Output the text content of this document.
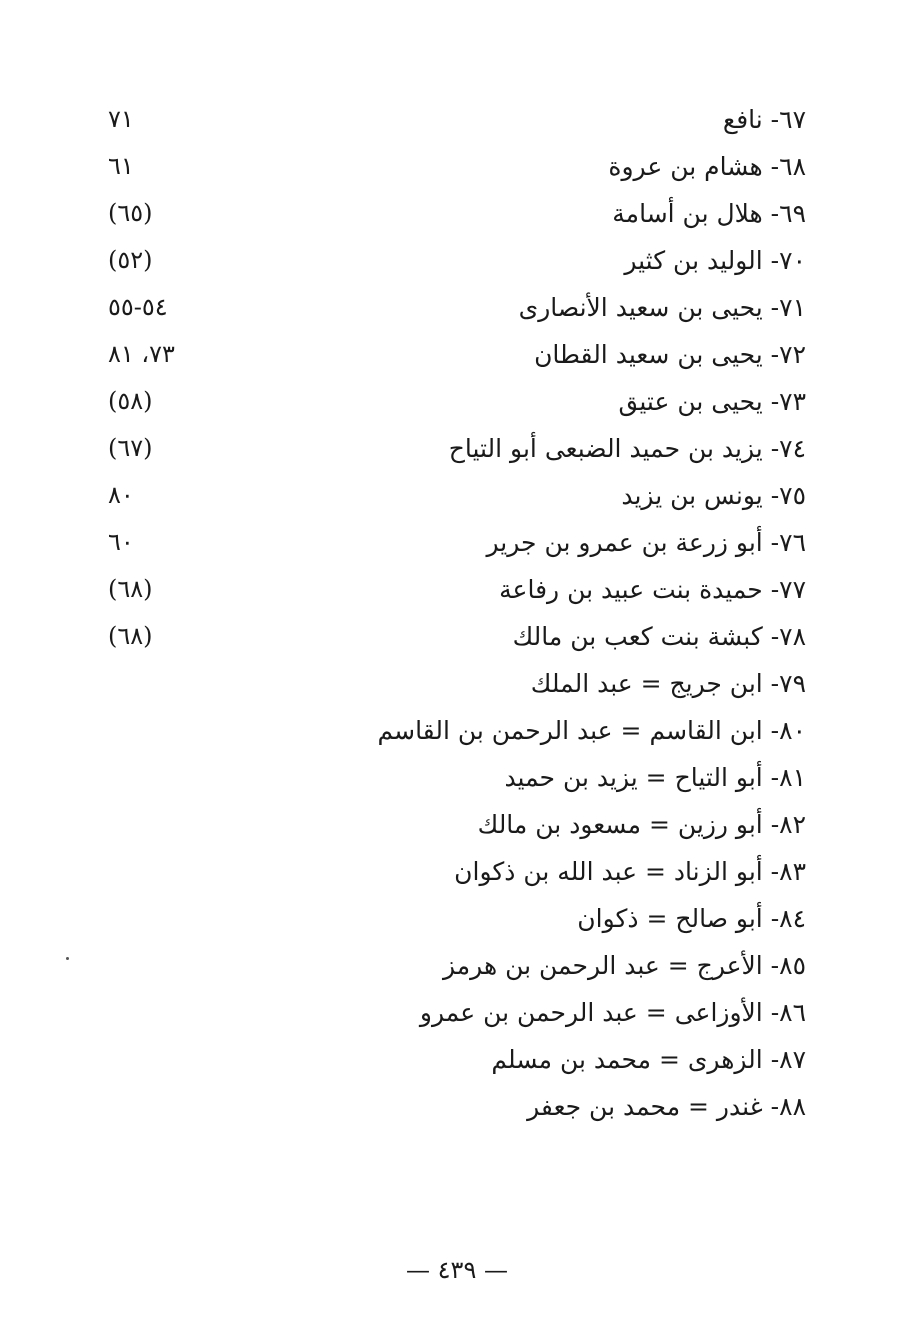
٦٧- نافع
٧١
٦٨- هشام بن عروة
٦١
٦٩- هلال بن أسامة
(٦٥)
٧٠- الوليد بن كثير
(٥٢)
٧١- يحيى بن سعيد الأنصارى
٥٤-٥٥
٧٢- يحيى بن سعيد القطان
٧٣، ٨١
٧٣- يحيى بن عتيق
(٥٨)
٧٤- يزيد بن حميد الضبعى أبو التياح
(٦٧)
٧٥- يونس بن يزيد
٨٠
٧٦- أبو زرعة بن عمرو بن جرير
٦٠
٧٧- حميدة بنت عبيد بن رفاعة
(٦٨)
٧٨- كبشة بنت كعب بن مالك
(٦٨)
٧٩- ابن جريج = عبد الملك
٨٠- ابن القاسم = عبد الرحمن بن القاسم
٨١- أبو التياح = يزيد بن حميد
٨٢- أبو رزين = مسعود بن مالك
٨٣- أبو الزناد = عبد الله بن ذكوان
٨٤- أبو صالح = ذكوان
٨٥- الأعرج = عبد الرحمن بن هرمز
٨٦- الأوزاعى = عبد الرحمن بن عمرو
٨٧- الزهرى = محمد بن مسلم
٨٨- غندر = محمد بن جعفر
— ٤٣٩ —
